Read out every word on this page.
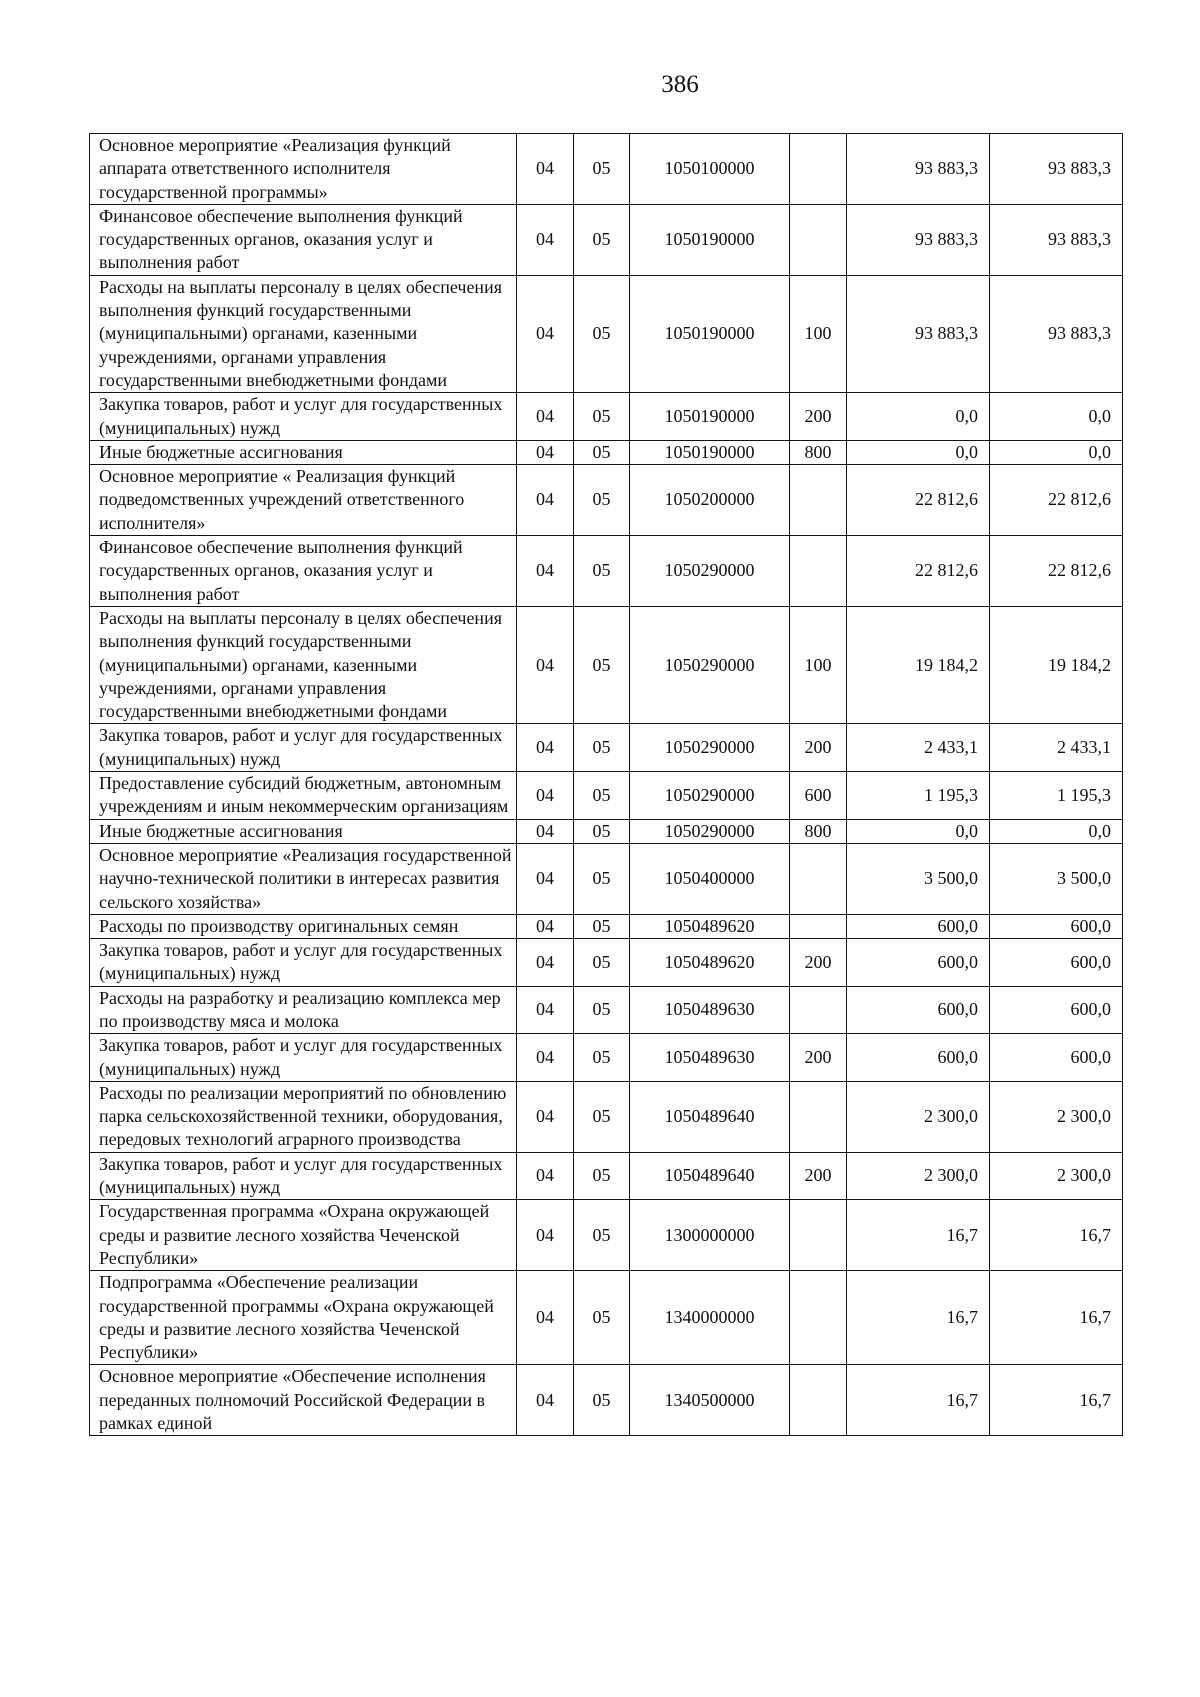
386
Основное мероприятие «Реализация функций аппарата ответственного исполнителя государственной программы»	04	05	1050100000		93 883,3	93 883,3
Финансовое обеспечение выполнения функций государственных органов, оказания услуг и выполнения работ	04	05	1050190000		93 883,3	93 883,3
Расходы на выплаты персоналу в целях обеспечения выполнения функций государственными (муниципальными) органами, казенными учреждениями, органами управления государственными внебюджетными фондами	04	05	1050190000	100	93 883,3	93 883,3
Закупка товаров, работ и услуг для государственных (муниципальных) нужд	04	05	1050190000	200	0,0	0,0
Иные бюджетные ассигнования	04	05	1050190000	800	0,0	0,0
Основное мероприятие « Реализация функций подведомственных учреждений ответственного исполнителя»	04	05	1050200000		22 812,6	22 812,6
Финансовое обеспечение выполнения функций государственных органов, оказания услуг и выполнения работ	04	05	1050290000		22 812,6	22 812,6
Расходы на выплаты персоналу в целях обеспечения выполнения функций государственными (муниципальными) органами, казенными учреждениями, органами управления государственными внебюджетными фондами	04	05	1050290000	100	19 184,2	19 184,2
Закупка товаров, работ и услуг для государственных (муниципальных) нужд	04	05	1050290000	200	2 433,1	2 433,1
Предоставление субсидий бюджетным, автономным учреждениям и иным некоммерческим организациям	04	05	1050290000	600	1 195,3	1 195,3
Иные бюджетные ассигнования	04	05	1050290000	800	0,0	0,0
Основное мероприятие «Реализация государственной научно-технической политики в интересах развития сельского хозяйства»	04	05	1050400000		3 500,0	3 500,0
Расходы по производству оригинальных семян	04	05	1050489620		600,0	600,0
Закупка товаров, работ и услуг для государственных (муниципальных) нужд	04	05	1050489620	200	600,0	600,0
Расходы на разработку и реализацию комплекса мер по производству мяса и молока	04	05	1050489630		600,0	600,0
Закупка товаров, работ и услуг для государственных (муниципальных) нужд	04	05	1050489630	200	600,0	600,0
Расходы по реализации мероприятий по обновлению парка сельскохозяйственной техники, оборудования, передовых технологий аграрного производства	04	05	1050489640		2 300,0	2 300,0
Закупка товаров, работ и услуг для государственных (муниципальных) нужд	04	05	1050489640	200	2 300,0	2 300,0
Государственная программа «Охрана окружающей среды и развитие лесного хозяйства Чеченской Республики»	04	05	1300000000		16,7	16,7
Подпрограмма «Обеспечение реализации государственной программы «Охрана окружающей среды и развитие лесного хозяйства Чеченской Республики»	04	05	1340000000		16,7	16,7
Основное мероприятие «Обеспечение исполнения переданных полномочий Российской Федерации в рамках единой	04	05	1340500000		16,7	16,7
